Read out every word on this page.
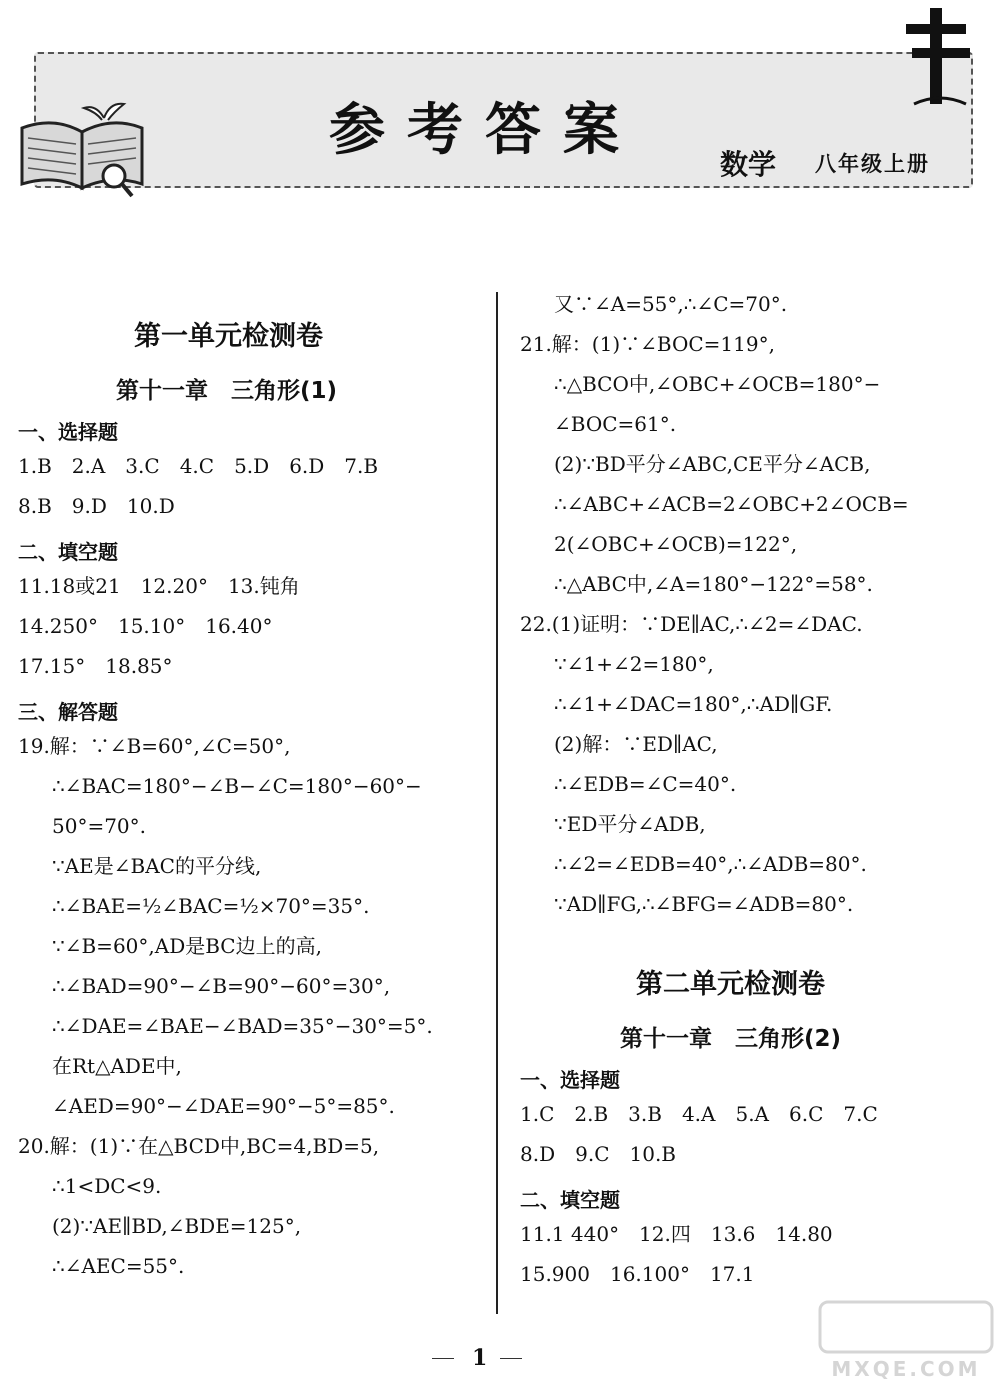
参考答案
数学 八年级上册
第一单元检测卷
第十一章　三角形(1)
一、选择题
1.B　2.A　3.C　4.C　5.D　6.D　7.B
8.B　9.D　10.D
二、填空题
11.18或21　12.20°　13.钝角
14.250°　15.10°　16.40°
17.15°　18.85°
三、解答题
19.解：∵∠B=60°,∠C=50°,
∴∠BAC=180°−∠B−∠C=180°−60°−
50°=70°.
∵AE是∠BAC的平分线,
∴∠BAE=½∠BAC=½×70°=35°.
∵∠B=60°,AD是BC边上的高,
∴∠BAD=90°−∠B=90°−60°=30°,
∴∠DAE=∠BAE−∠BAD=35°−30°=5°.
在Rt△ADE中,
∠AED=90°−∠DAE=90°−5°=85°.
20.解：(1)∵在△BCD中,BC=4,BD=5,
∴1<DC<9.
(2)∵AE∥BD,∠BDE=125°,
∴∠AEC=55°.
又∵∠A=55°,∴∠C=70°.
21.解：(1)∵∠BOC=119°,
∴△BCO中,∠OBC+∠OCB=180°−
∠BOC=61°.
(2)∵BD平分∠ABC,CE平分∠ACB,
∴∠ABC+∠ACB=2∠OBC+2∠OCB=
2(∠OBC+∠OCB)=122°,
∴△ABC中,∠A=180°−122°=58°.
22.(1)证明：∵DE∥AC,∴∠2=∠DAC.
∵∠1+∠2=180°,
∴∠1+∠DAC=180°,∴AD∥GF.
(2)解：∵ED∥AC,
∴∠EDB=∠C=40°.
∵ED平分∠ADB,
∴∠2=∠EDB=40°,∴∠ADB=80°.
∵AD∥FG,∴∠BFG=∠ADB=80°.
第二单元检测卷
第十一章　三角形(2)
一、选择题
1.C　2.B　3.B　4.A　5.A　6.C　7.C
8.D　9.C　10.B
二、填空题
11.1 440°　12.四　13.6　14.80
15.900　16.100°　17.1
1	MXQE.COM
